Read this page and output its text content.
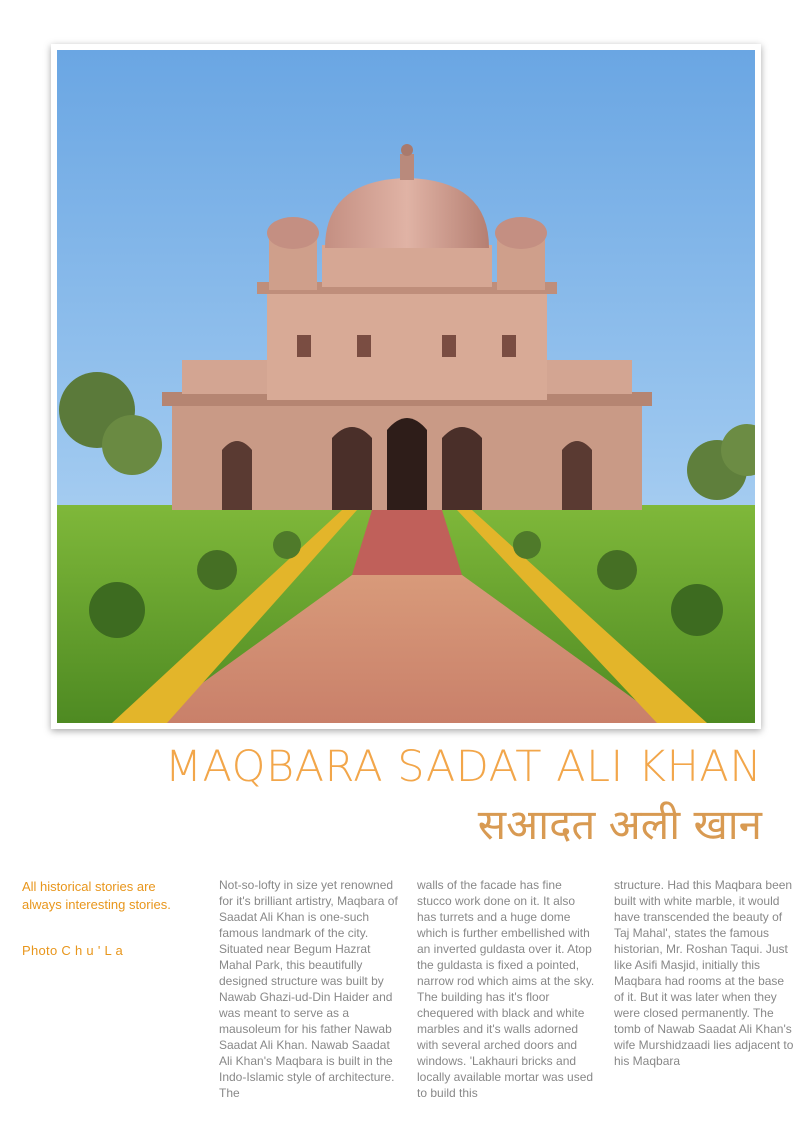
MAQBARA SADAT ALI KHAN
सआदत अली खान
All historical stories are always interesting stories.
Photo C h u ' L a
Not-so-lofty in size yet renowned for it's brilliant artistry, Maqbara of Saadat Ali Khan is one-such famous landmark of the city. Situated near Begum Hazrat Mahal Park, this beautifully designed structure was built by Nawab Ghazi-ud-Din Haider and was meant to serve as a mausoleum for his father Nawab Saadat Ali Khan. Nawab Saadat Ali Khan's Maqbara is built in the Indo-Islamic style of architecture. The
walls of the facade has fine stucco work done on it. It also has turrets and a huge dome which is further embellished with an inverted guldasta over it. Atop the guldasta is fixed a pointed, narrow rod which aims at the sky. The building has it's floor chequered with black and white marbles and it's walls adorned with several arched doors and windows. 'Lakhauri bricks and locally available mortar was used to build this
structure. Had this Maqbara been built with white marble, it would have transcended the beauty of Taj Mahal', states the famous historian, Mr. Roshan Taqui. Just like Asifi Masjid, initially this Maqbara had rooms at the base of it. But it was later when they were closed permanently. The tomb of Nawab Saadat Ali Khan's wife Murshidzaadi lies adjacent to his Maqbara
